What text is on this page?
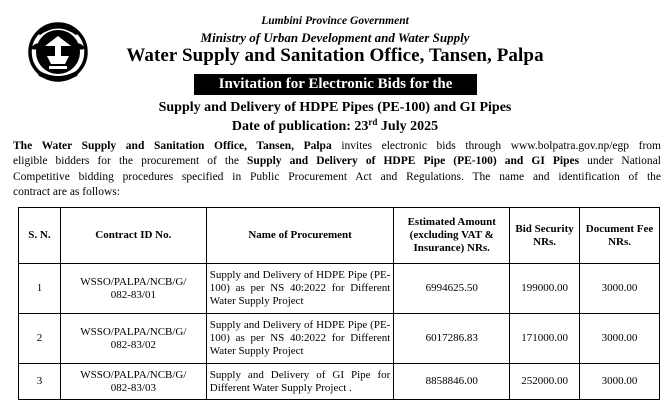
Lumbini Province Government
Ministry of Urban Development and Water Supply
Water Supply and Sanitation Office, Tansen, Palpa
Invitation for Electronic Bids for the
Supply and Delivery of HDPE Pipes (PE-100) and GI Pipes
Date of publication: 23rd July 2025
The Water Supply and Sanitation Office, Tansen, Palpa invites electronic bids through www.bolpatra.gov.np/egp from
eligible bidders for the procurement of the Supply and Delivery of HDPE Pipe (PE-100) and GI Pipes under National
Competitive bidding procedures specified in Public Procurement Act and Regulations. The name and identification of the
contract are as follows:
S. N.	Contract ID No.	Name of Procurement	Estimated Amount (excluding VAT & Insurance) NRs.	Bid Security NRs.	Document Fee NRs.
1	WSSO/PALPA/NCB/G/
082-83/01	Supply and Delivery of HDPE Pipe (PE-100) as per NS 40:2022 for Different Water Supply Project	6994625.50	199000.00	3000.00
2	WSSO/PALPA/NCB/G/
082-83/02	Supply and Delivery of HDPE Pipe (PE-100) as per NS 40:2022 for Different Water Supply Project	6017286.83	171000.00	3000.00
3	WSSO/PALPA/NCB/G/
082-83/03	Supply and Delivery of GI Pipe for Different Water Supply Project .	8858846.00	252000.00	3000.00
